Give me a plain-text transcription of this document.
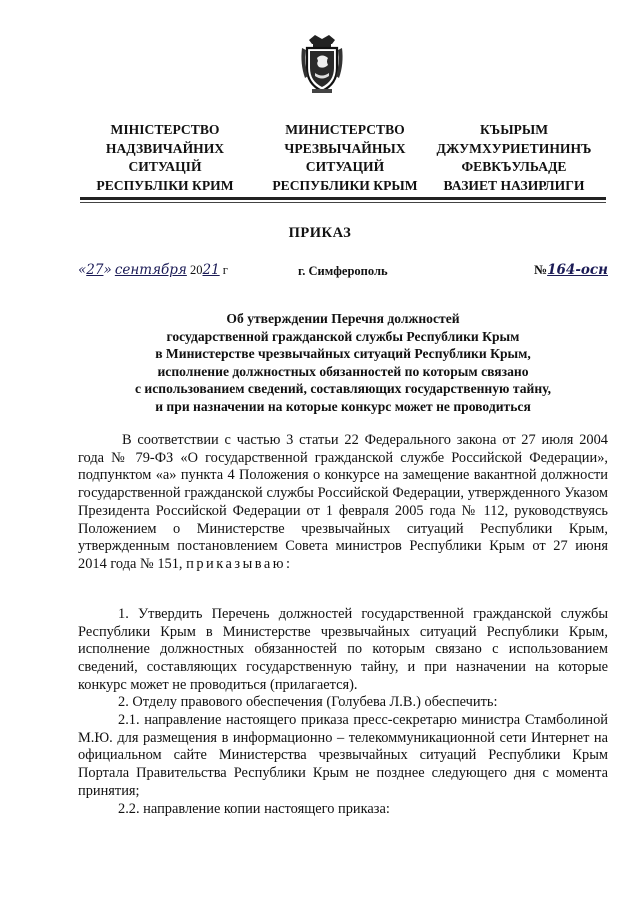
МІНІСТЕРСТВО
НАДЗВИЧАЙНИХ
СИТУАЦІЙ
РЕСПУБЛІКИ КРИМ
МИНИСТЕРСТВО
ЧРЕЗВЫЧАЙНЫХ
СИТУАЦИЙ
РЕСПУБЛИКИ КРЫМ
КЪЫРЫМ
ДЖУМХУРИЕТИНИНЪ
ФЕВКЪУЛЬАДЕ
ВАЗИЕТ НАЗИРЛИГИ
ПРИКАЗ
«27» сентября 2021 г	г. Симферополь	№164-осн
Об утверждении Перечня должностей
государственной гражданской службы Республики Крым
в Министерстве чрезвычайных ситуаций Республики Крым,
исполнение должностных обязанностей по которым связано
с использованием сведений, составляющих государственную тайну,
и при назначении на которые конкурс может не проводиться
В соответствии с частью 3 статьи 22 Федерального закона от 27 июля 2004 года № 79-ФЗ «О государственной гражданской службе Российской Федерации», подпунктом «а» пункта 4 Положения о конкурсе на замещение вакантной должности государственной гражданской службы Российской Федерации, утвержденного Указом Президента Российской Федерации от 1 февраля 2005 года № 112, руководствуясь Положением о Министерстве чрезвычайных ситуаций Республики Крым, утвержденным постановлением Совета министров Республики Крым от 27 июня 2014 года № 151, приказываю:
1. Утвердить Перечень должностей государственной гражданской службы Республики Крым в Министерстве чрезвычайных ситуаций Республики Крым, исполнение должностных обязанностей по которым связано с использованием сведений, составляющих государственную тайну, и при назначении на которые конкурс может не проводиться (прилагается).
2. Отделу правового обеспечения (Голубева Л.В.) обеспечить:
2.1. направление настоящего приказа пресс-секретарю министра Стамболиной М.Ю. для размещения в информационно – телекоммуникационной сети Интернет на официальном сайте Министерства чрезвычайных ситуаций Республики Крым Портала Правительства Республики Крым не позднее следующего дня с момента принятия;
2.2. направление копии настоящего приказа:
